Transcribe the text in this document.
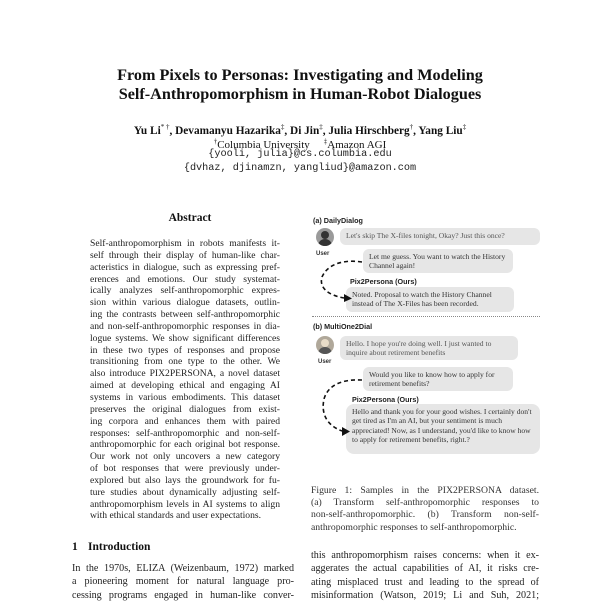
From Pixels to Personas: Investigating and Modeling
Self-Anthropomorphism in Human-Robot Dialogues
Yu Li* †, Devamanyu Hazarika‡, Di Jin‡, Julia Hirschberg†, Yang Liu‡
†Columbia University ‡Amazon AGI
{yooli, julia}@cs.columbia.edu
{dvhaz, djinamzn, yangliud}@amazon.com
Abstract
Self-anthropomorphism in robots manifests it-
self through their display of human-like char-
acteristics in dialogue, such as expressing pref-
erences and emotions. Our study systemat-
ically analyzes self-anthropomorphic expres-
sion within various dialogue datasets, outlin-
ing the contrasts between self-anthropomorphic
and non-self-anthropomorphic responses in dia-
logue systems. We show significant differences
in these two types of responses and propose
transitioning from one type to the other. We
also introduce PIX2PERSONA, a novel dataset
aimed at developing ethical and engaging AI
systems in various embodiments. This dataset
preserves the original dialogues from exist-
ing corpora and enhances them with paired
responses: self-anthropomorphic and non-self-
anthropomorphic for each original bot response.
Our work not only uncovers a new category
of bot responses that were previously under-
explored but also lays the groundwork for fu-
ture studies about dynamically adjusting self-
anthropomorphism levels in AI systems to align
with ethical standards and user expectations.
1 Introduction
In the 1970s, ELIZA (Weizenbaum, 1972) marked
a pioneering moment for natural language pro-
cessing programs engaged in human-like conver-
(a) DailyDialog
User
Let's skip The X-files tonight, Okay? Just this once?
Let me guess. You want to watch the History Channel again!
Pix2Persona (Ours)
Noted. Proposal to watch the History Channel instead of The X-Files has been recorded.
(b) MultiOne2Dial
User
Hello. I hope you're doing well. I just wanted to inquire about retirement benefits
Would you like to know how to apply for retirement benefits?
Pix2Persona (Ours)
Hello and thank you for your good wishes. I certainly don't get tired as I'm an AI, but your sentiment is much appreciated! Now, as I understand, you'd like to know how to apply for retirement benefits, right.?
Figure 1: Samples in the PIX2PERSONA dataset.
(a) Transform self-anthropomorphic responses to
non-self-anthropomorphic. (b) Transform non-self-
anthropomorphic responses to self-anthropomorphic.
this anthropomorphism raises concerns: when it ex-
aggerates the actual capabilities of AI, it risks cre-
ating misplaced trust and leading to the spread of
misinformation (Watson, 2019; Li and Suh, 2021;
